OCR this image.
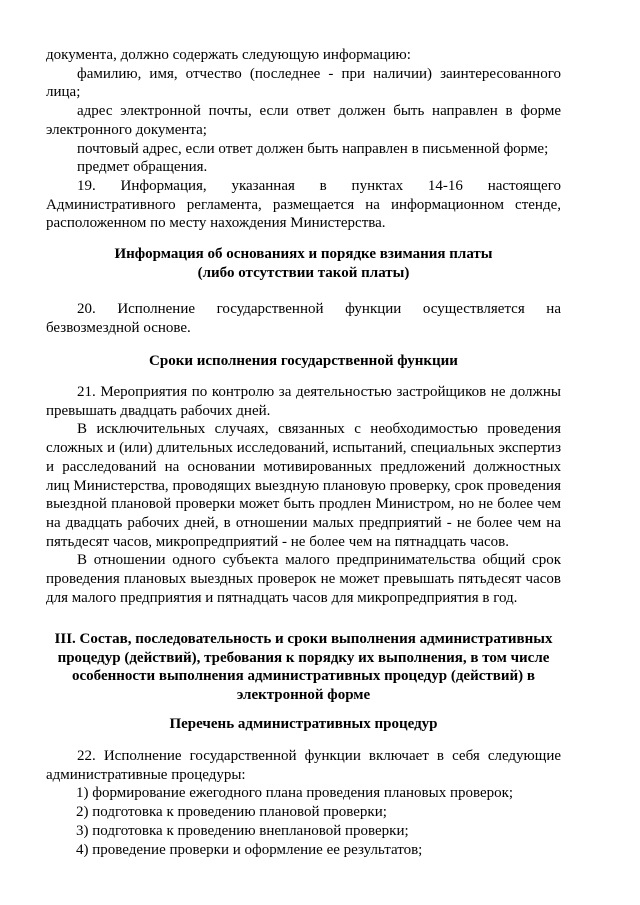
документа, должно содержать следующую информацию:

фамилию, имя, отчество (последнее - при наличии) заинтересованного лица;

адрес электронной почты, если ответ должен быть направлен в форме электронного документа;

почтовый адрес, если ответ должен быть направлен в письменной форме;

предмет обращения.

19. Информация, указанная в пунктах 14-16 настоящего Административного регламента, размещается на информационном стенде, расположенном по месту нахождения Министерства.

Информация об основаниях и порядке взимания платы

(либо отсутствии такой платы)

20. Исполнение государственной функции осуществляется на безвозмездной основе.

Сроки исполнения государственной функции

21. Мероприятия по контролю за деятельностью застройщиков не должны превышать двадцать рабочих дней.

В исключительных случаях, связанных с необходимостью проведения сложных и (или) длительных исследований, испытаний, специальных экспертиз и расследований на основании мотивированных предложений должностных лиц Министерства, проводящих выездную плановую проверку, срок проведения выездной плановой проверки может быть продлен Министром, но не более чем на двадцать рабочих дней, в отношении малых предприятий - не более чем на пятьдесят часов, микропредприятий - не более чем на пятнадцать часов.

В отношении одного субъекта малого предпринимательства общий срок проведения плановых выездных проверок не может превышать пятьдесят часов для малого предприятия и пятнадцать часов для микропредприятия в год.

III. Состав, последовательность и сроки выполнения административных процедур (действий), требования к порядку их выполнения, в том числе особенности выполнения административных процедур (действий) в электронной форме

Перечень административных процедур

22. Исполнение государственной функции включает в себя следующие административные процедуры:

1) формирование ежегодного плана проведения плановых проверок;

2) подготовка к проведению плановой проверки;

3) подготовка к проведению внеплановой проверки;

4) проведение проверки и оформление ее результатов;
